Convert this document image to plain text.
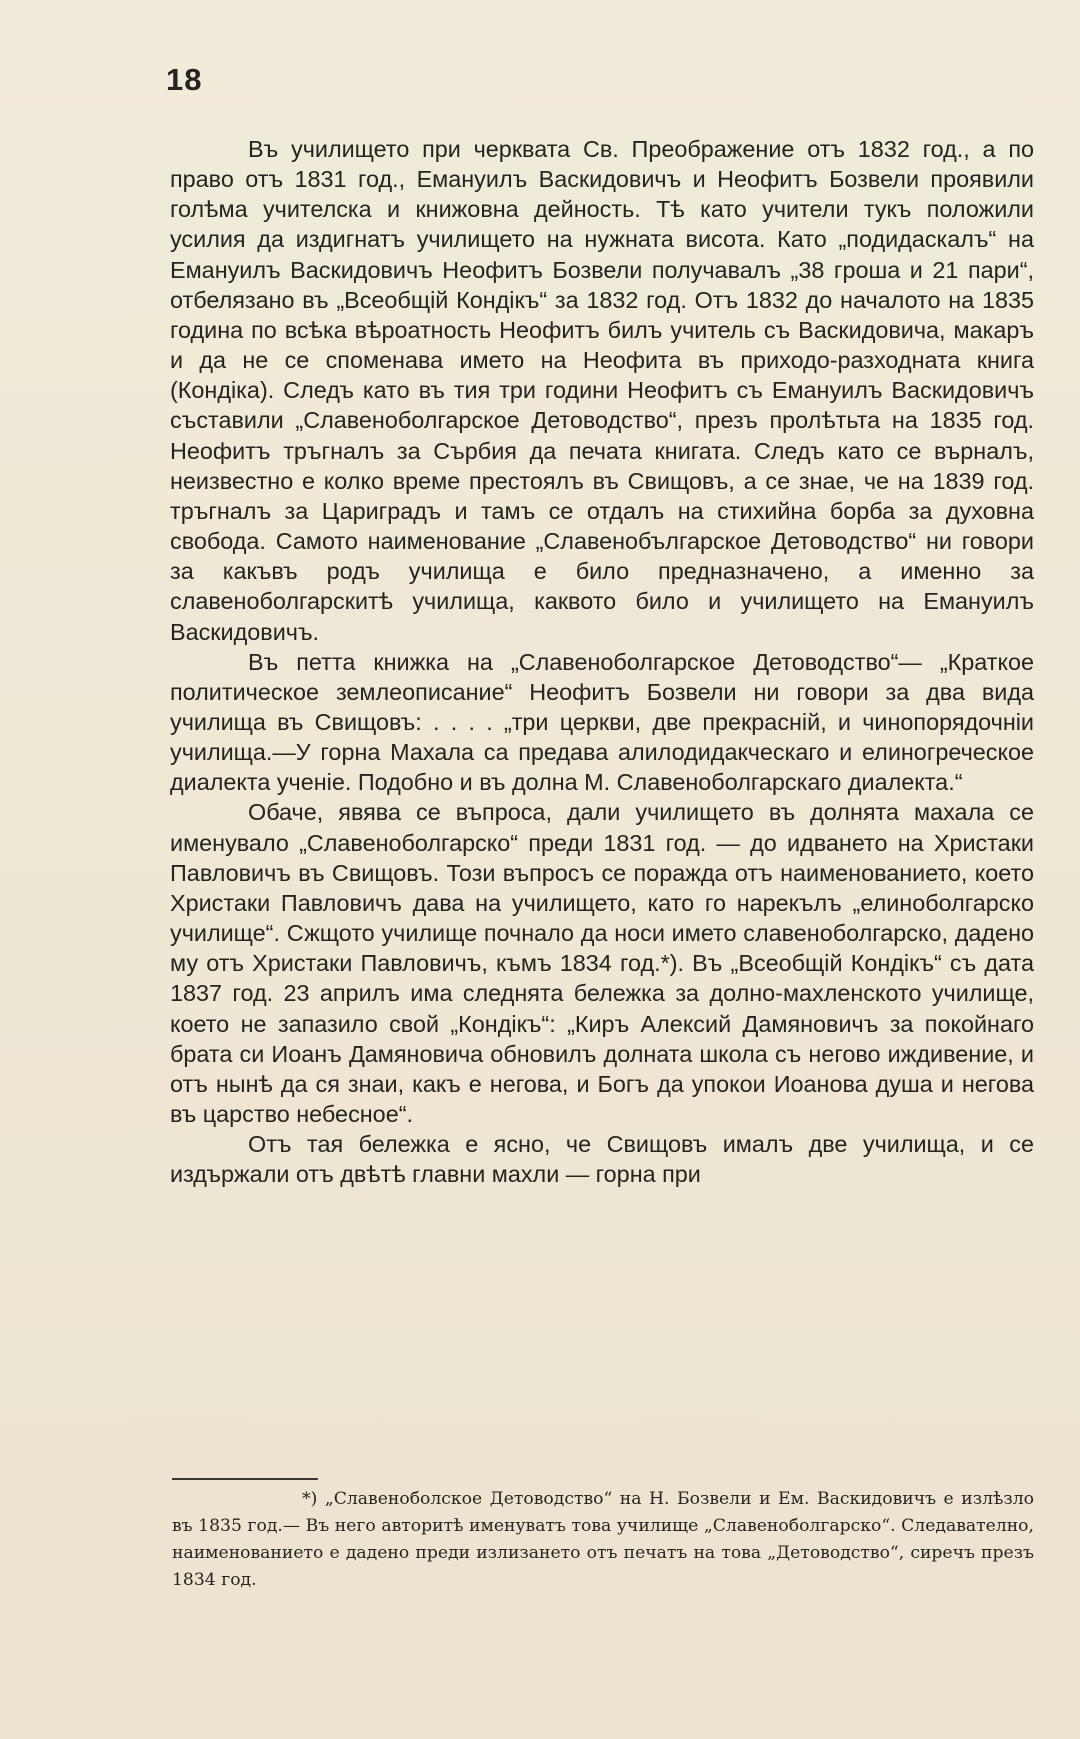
18

Въ училището при черквата Св. Преображение отъ 1832 год., а по право отъ 1831 год., Емануилъ Васкидовичъ и Неофитъ Бозвели проявили голѣма учителска и книжовна дейность. Тѣ като учители тукъ положили усилия да издигнатъ училището на нужната висота. Като „подидаскалъ“ на Емануилъ Васкидовичъ Неофитъ Бозвели получавалъ „38 гроша и 21 пари“, отбелязано въ „Всеобщій Кондікъ“ за 1832 год. Отъ 1832 до началото на 1835 година по всѣка вѣроатность Неофитъ билъ учитель съ Васкидовича, макаръ и да не се споменава името на Неофита въ приходо-разходната книга (Кондіка). Следъ като въ тия три години Неофитъ съ Емануилъ Васкидовичъ съставили „Славеноболгарское Детоводство“, презъ пролѣтьта на 1835 год. Неофитъ тръгналъ за Сърбия да печата книгата. Следъ като се върналъ, неизвестно е колко време престоялъ въ Свищовъ, а се знае, че на 1839 год. тръгналъ за Цариградъ и тамъ се отдалъ на стихийна борба за духовна свобода. Самото наименование „Славенобългарское Детоводство“ ни говори за какъвъ родъ училища е било предназначено, а именно за славеноболгарскитѣ училища, каквото било и училището на Емануилъ Васкидовичъ.

Въ петта книжка на „Славеноболгарское Детоводство“— „Краткое политическое землеописание“ Неофитъ Бозвели ни говори за два вида училища въ Свищовъ: . . . . „три церкви, две прекрасній, и чинопорядочніи училища.—У горна Махала са предава алилодидакческаго и елиногреческое диалекта ученіе. Подобно и въ долна М. Славеноболгарскаго диалекта.“

Обаче, явява се въпроса, дали училището въ долнята махала се именувало „Славеноболгарско“ преди 1831 год. — до идването на Христаки Павловичъ въ Свищовъ. Този въпросъ се поражда отъ наименованието, което Христаки Павловичъ дава на училището, като го нарекълъ „елиноболгарско училище“. Сжщото училище почнало да носи името славеноболгарско, дадено му отъ Христаки Павловичъ, къмъ 1834 год.*). Въ „Всеобщій Кондікъ“ съ дата 1837 год. 23 априлъ има следнята бележка за долно-махленското училище, което не запазило свой „Кондікъ“: „Киръ Алексий Дамяновичъ за покойнаго брата си Иоанъ Дамяновича обновилъ долната школа съ негово иждивение, и отъ нынѣ да ся знаи, какъ е негова, и Богъ да упокои Иоанова душа и негова въ царство небесное“.

Отъ тая бележка е ясно, че Свищовъ ималъ две училища, и се издържали отъ двѣтѣ главни махли — горна при

*) „Славеноболское Детоводство“ на Н. Бозвели и Ем. Васкидовичъ е излѣзло въ 1835 год.— Въ него авторитѣ именуватъ това училище „Славеноболгарско“. Следавателно, наименованието е дадено преди излизането отъ печатъ на това „Детоводство“, сиречъ презъ 1834 год.
